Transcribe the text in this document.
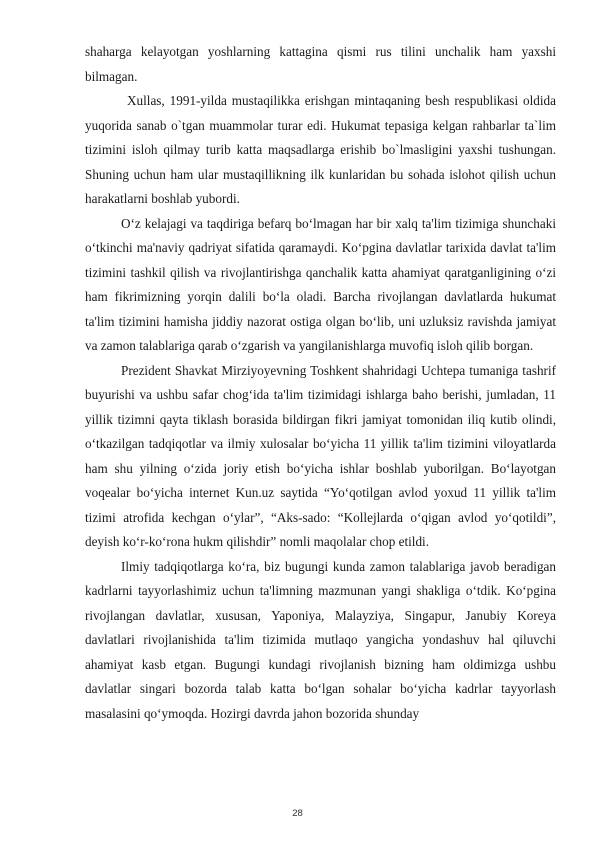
shaharga kelayotgan yoshlarning kattagina qismi rus tilini unchalik ham yaxshi bilmagan.

Xullas, 1991-yilda mustaqilikka erishgan mintaqaning besh respublikasi oldida yuqorida sanab o`tgan muammolar turar edi. Hukumat tepasiga kelgan rahbarlar ta`lim tizimini isloh qilmay turib katta maqsadlarga erishib bo`lmasligini yaxshi tushungan. Shuning uchun ham ular mustaqillikning ilk kunlaridan bu sohada islohot qilish uchun harakatlarni boshlab yubordi.

O‘z kelajagi va taqdiriga befarq bo‘lmagan har bir xalq ta'lim tizimiga shunchaki o‘tkinchi ma'naviy qadriyat sifatida qaramaydi. Ko‘pgina davlatlar tarixida davlat ta'lim tizimini tashkil qilish va rivojlantirishga qanchalik katta ahamiyat qaratganligining o‘zi ham fikrimizning yorqin dalili bo‘la oladi. Barcha rivojlangan davlatlarda hukumat ta'lim tizimini hamisha jiddiy nazorat ostiga olgan bo‘lib, uni uzluksiz ravishda jamiyat va zamon talablariga qarab o‘zgarish va yangilanishlarga muvofiq isloh qilib borgan.

Prezident Shavkat Mirziyoyevning Toshkent shahridagi Uchtepa tumaniga tashrif buyurishi va ushbu safar chog‘ida ta'lim tizimidagi ishlarga baho berishi, jumladan, 11 yillik tizimni qayta tiklash borasida bildirgan fikri jamiyat tomonidan iliq kutib olindi, o‘tkazilgan tadqiqotlar va ilmiy xulosalar bo‘yicha 11 yillik ta'lim tizimini viloyatlarda ham shu yilning o‘zida joriy etish bo‘yicha ishlar boshlab yuborilgan. Bo‘layotgan voqealar bo‘yicha internet Kun.uz saytida “Yo‘qotilgan avlod yoxud 11 yillik ta'lim tizimi atrofida kechgan o‘ylar”, “Aks-sado: “Kollejlarda o‘qigan avlod yo‘qotildi”, deyish ko‘r-ko‘rona hukm qilishdir” nomli maqolalar chop etildi.

Ilmiy tadqiqotlarga ko‘ra, biz bugungi kunda zamon talablariga javob beradigan kadrlarni tayyorlashimiz uchun ta'limning mazmunan yangi shakliga o‘tdik. Ko‘pgina rivojlangan davlatlar, xususan, Yaponiya, Malayziya, Singapur, Janubiy Koreya davlatlari rivojlanishida ta'lim tizimida mutlaqo yangicha yondashuv hal qiluvchi ahamiyat kasb etgan. Bugungi kundagi rivojlanish bizning ham oldimizga ushbu davlatlar singari bozorda talab katta bo‘lgan sohalar bo‘yicha kadrlar tayyorlash masalasini qo‘ymoqda. Hozirgi davrda jahon bozorida shunday

28
